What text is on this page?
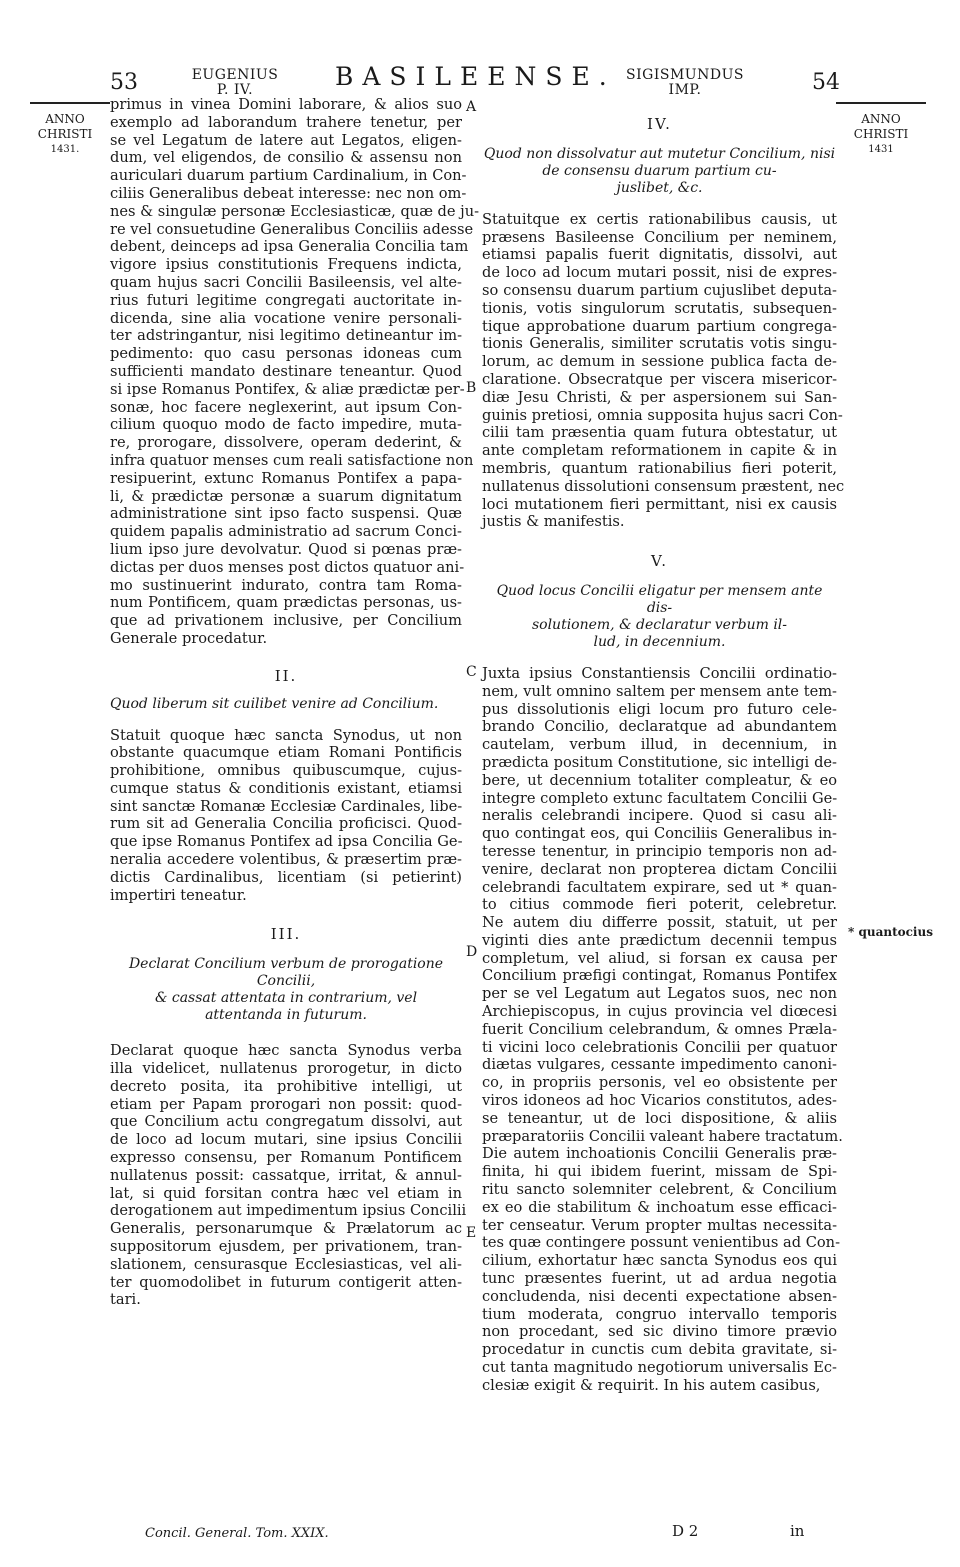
53	EUGENIUS
P. IV.	BASILEENSE. SIGISMUNDUS
IMP.	54
ANNO
CHRISTI
1431.
ANNO
CHRISTI
1431
* quantocius
A
B
C
D
E
primus in vinea Domini laborare, & alios suo
exemplo ad laborandum trahere tenetur, per
se vel Legatum de latere aut Legatos, eligen-
dum, vel eligendos, de consilio & assensu non
auriculari duarum partium Cardinalium, in Con-
ciliis Generalibus debeat interesse: nec non om-
nes & singulæ personæ Ecclesiasticæ, quæ de ju-
re vel consuetudine Generalibus Conciliis adesse
debent, deinceps ad ipsa Generalia Concilia tam
vigore ipsius constitutionis Frequens indicta,
quam hujus sacri Concilii Basileensis, vel alte-
rius futuri legitime congregati auctoritate in-
dicenda, sine alia vocatione venire personali-
ter adstringantur, nisi legitimo detineantur im-
pedimento: quo casu personas idoneas cum
sufficienti mandato destinare teneantur. Quod
si ipse Romanus Pontifex, & aliæ prædictæ per-
sonæ, hoc facere neglexerint, aut ipsum Con-
cilium quoquo modo de facto impedire, muta-
re, prorogare, dissolvere, operam dederint, &
infra quatuor menses cum reali satisfactione non
resipuerint, extunc Romanus Pontifex a papa-
li, & prædictæ personæ a suarum dignitatum
administratione sint ipso facto suspensi. Quæ
quidem papalis administratio ad sacrum Conci-
lium ipso jure devolvatur. Quod si pœnas præ-
dictas per duos menses post dictos quatuor ani-
mo sustinuerint indurato, contra tam Roma-
num Pontificem, quam prædictas personas, us-
que ad privationem inclusive, per Concilium
Generale procedatur.
II.
Quod liberum sit cuilibet venire ad Concilium.
Statuit quoque hæc sancta Synodus, ut non
obstante quacumque etiam Romani Pontificis
prohibitione, omnibus quibuscumque, cujus-
cumque status & conditionis existant, etiamsi
sint sanctæ Romanæ Ecclesiæ Cardinales, libe-
rum sit ad Generalia Concilia proficisci. Quod-
que ipse Romanus Pontifex ad ipsa Concilia Ge-
neralia accedere volentibus, & præsertim præ-
dictis Cardinalibus, licentiam (si petierint)
impertiri teneatur.
III.
Declarat Concilium verbum de prorogatione Concilii,
& cassat attentata in contrarium, vel
attentanda in futurum.
Declarat quoque hæc sancta Synodus verba
illa videlicet, nullatenus prorogetur, in dicto
decreto posita, ita prohibitive intelligi, ut
etiam per Papam prorogari non possit: quod-
que Concilium actu congregatum dissolvi, aut
de loco ad locum mutari, sine ipsius Concilii
expresso consensu, per Romanum Pontificem
nullatenus possit: cassatque, irritat, & annul-
lat, si quid forsitan contra hæc vel etiam in
derogationem aut impedimentum ipsius Concilii
Generalis, personarumque & Prælatorum ac
suppositorum ejusdem, per privationem, tran-
slationem, censurasque Ecclesiasticas, vel ali-
ter quomodolibet in futurum contigerit atten-
tari.
Concil. General. Tom. XXIX.
IV.
Quod non dissolvatur aut mutetur Concilium, nisi
de consensu duarum partium cu-
juslibet, &c.
Statuitque ex certis rationabilibus causis, ut
præsens Basileense Concilium per neminem,
etiamsi papalis fuerit dignitatis, dissolvi, aut
de loco ad locum mutari possit, nisi de expres-
so consensu duarum partium cujuslibet deputa-
tionis, votis singulorum scrutatis, subsequen-
tique approbatione duarum partium congrega-
tionis Generalis, similiter scrutatis votis singu-
lorum, ac demum in sessione publica facta de-
claratione. Obsecratque per viscera misericor-
diæ Jesu Christi, & per aspersionem sui San-
guinis pretiosi, omnia supposita hujus sacri Con-
cilii tam præsentia quam futura obtestatur, ut
ante completam reformationem in capite & in
membris, quantum rationabilius fieri poterit,
nullatenus dissolutioni consensum præstent, nec
loci mutationem fieri permittant, nisi ex causis
justis & manifestis.
V.
Quod locus Concilii eligatur per mensem ante dis-
solutionem, & declaratur verbum il-
lud, in decennium.
Juxta ipsius Constantiensis Concilii ordinatio-
nem, vult omnino saltem per mensem ante tem-
pus dissolutionis eligi locum pro futuro cele-
brando Concilio, declaratque ad abundantem
cautelam, verbum illud, in decennium, in
prædicta positum Constitutione, sic intelligi de-
bere, ut decennium totaliter compleatur, & eo
integre completo extunc facultatem Concilii Ge-
neralis celebrandi incipere. Quod si casu ali-
quo contingat eos, qui Conciliis Generalibus in-
teresse tenentur, in principio temporis non ad-
venire, declarat non propterea dictam Concilii
celebrandi facultatem expirare, sed ut * quan-
to citius commode fieri poterit, celebretur.
Ne autem diu differre possit, statuit, ut per
viginti dies ante prædictum decennii tempus
completum, vel aliud, si forsan ex causa per
Concilium præfigi contingat, Romanus Pontifex
per se vel Legatum aut Legatos suos, nec non
Archiepiscopus, in cujus provincia vel diœcesi
fuerit Concilium celebrandum, & omnes Præla-
ti vicini loco celebrationis Concilii per quatuor
diætas vulgares, cessante impedimento canoni-
co, in propriis personis, vel eo obsistente per
viros idoneos ad hoc Vicarios constitutos, ades-
se teneantur, ut de loci dispositione, & aliis
præparatoriis Concilii valeant habere tractatum.
Die autem inchoationis Concilii Generalis præ-
finita, hi qui ibidem fuerint, missam de Spi-
ritu sancto solemniter celebrent, & Concilium
ex eo die stabilitum & inchoatum esse efficaci-
ter censeatur. Verum propter multas necessita-
tes quæ contingere possunt venientibus ad Con-
cilium, exhortatur hæc sancta Synodus eos qui
tunc præsentes fuerint, ut ad ardua negotia
concludenda, nisi decenti expectatione absen-
tium moderata, congruo intervallo temporis
non procedant, sed sic divino timore prævio
procedatur in cunctis cum debita gravitate, si-
cut tanta magnitudo negotiorum universalis Ec-
clesiæ exigit & requirit. In his autem casibus,
D 2	in
